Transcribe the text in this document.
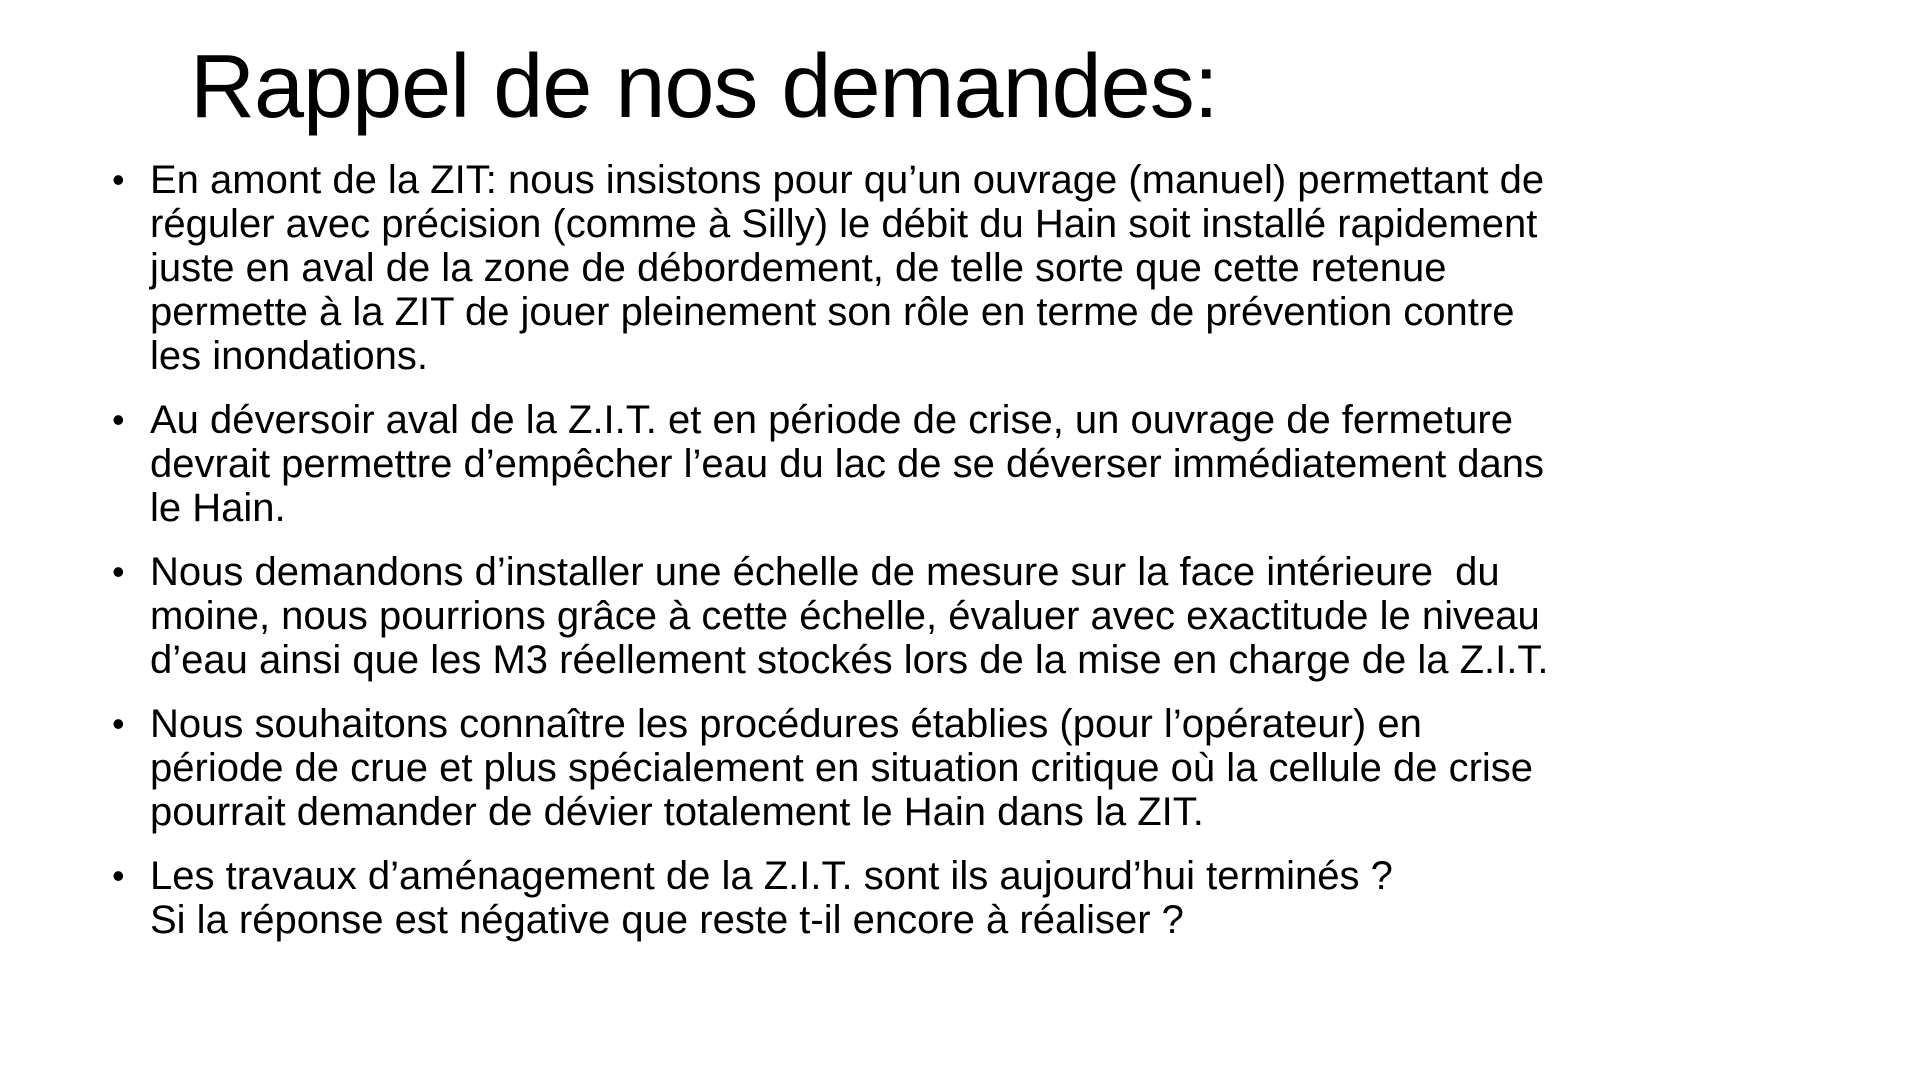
Rappel de nos demandes:
• En amont de la ZIT: nous insistons pour qu’un ouvrage (manuel) permettant de
réguler avec précision (comme à Silly) le débit du Hain soit installé rapidement
juste en aval de la zone de débordement, de telle sorte que cette retenue
permette à la ZIT de jouer pleinement son rôle en terme de prévention contre
les inondations.
• Au déversoir aval de la Z.I.T. et en période de crise, un ouvrage de fermeture
devrait permettre d’empêcher l’eau du lac de se déverser immédiatement dans
le Hain.
• Nous demandons d’installer une échelle de mesure sur la face intérieure  du
moine, nous pourrions grâce à cette échelle, évaluer avec exactitude le niveau
d’eau ainsi que les M3 réellement stockés lors de la mise en charge de la Z.I.T.
• Nous souhaitons connaître les procédures établies (pour l’opérateur) en
période de crue et plus spécialement en situation critique où la cellule de crise
pourrait demander de dévier totalement le Hain dans la ZIT.
• Les travaux d’aménagement de la Z.I.T. sont ils aujourd’hui terminés ?
Si la réponse est négative que reste t-il encore à réaliser ?
